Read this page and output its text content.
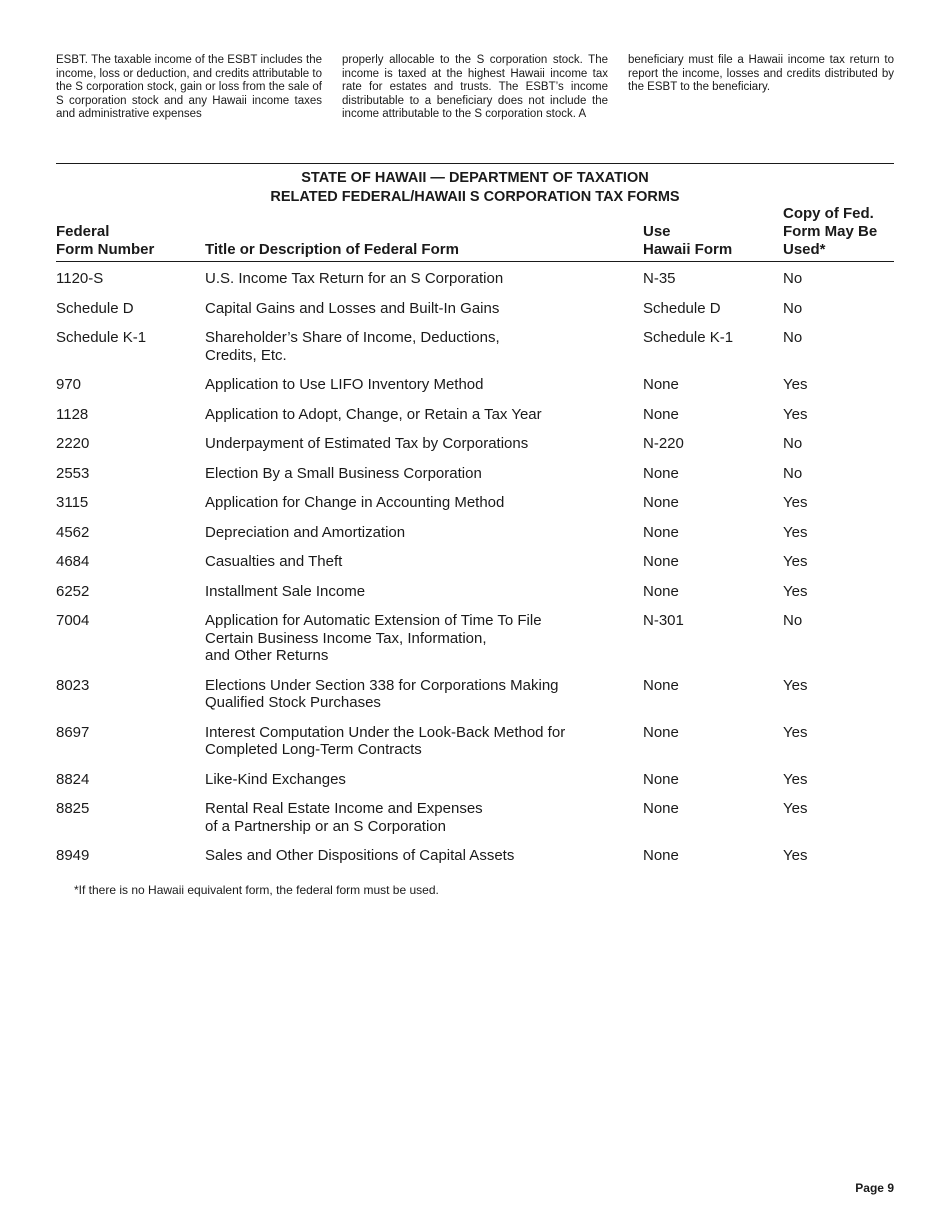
ESBT. The taxable income of the ESBT includes the income, loss or deduction, and credits attributable to the S corporation stock, gain or loss from the sale of S corporation stock and any Hawaii income taxes and administrative expenses
properly allocable to the S corporation stock. The income is taxed at the highest Hawaii income tax rate for estates and trusts. The ESBT’s income distributable to a beneficiary does not include the income attributable to the S corporation stock. A
beneficiary must file a Hawaii income tax return to report the income, losses and credits distributed by the ESBT to the beneficiary.
STATE OF HAWAII — DEPARTMENT OF TAXATION
RELATED FEDERAL/HAWAII S CORPORATION TAX FORMS
Federal
Form Number	Title or Description of Federal Form
Use
Hawaii Form
Copy of Fed.
Form May Be
Used*
1120-S	U.S. Income Tax Return for an S Corporation	N-35	No
Schedule D	Capital Gains and Losses and Built-In Gains	Schedule D	No
Schedule K-1	Shareholder’s Share of Income, Deductions,
Credits, Etc.
Schedule K-1	No
970	Application to Use LIFO Inventory Method	None	Yes
1128	Application to Adopt, Change, or Retain a Tax Year	None	Yes
2220	Underpayment of Estimated Tax by Corporations	N-220	No
2553	Election By a Small Business Corporation	None	No
3115	Application for Change in Accounting Method	None	Yes
4562	Depreciation and Amortization	None	Yes
4684	Casualties and Theft	None	Yes
6252	Installment Sale Income	None	Yes
7004	Application for Automatic Extension of Time To File
Certain Business Income Tax, Information,
and Other Returns
N-301	No
8023	Elections Under Section 338 for Corporations Making
Qualified Stock Purchases
None	Yes
8697	Interest Computation Under the Look-Back Method for
Completed Long-Term Contracts
None	Yes
8824	Like-Kind Exchanges	None	Yes
8825	Rental Real Estate Income and Expenses
of a Partnership or an S Corporation
None	Yes
8949	Sales and Other Dispositions of Capital Assets	None	Yes
*If there is no Hawaii equivalent form, the federal form must be used.
Page 9
